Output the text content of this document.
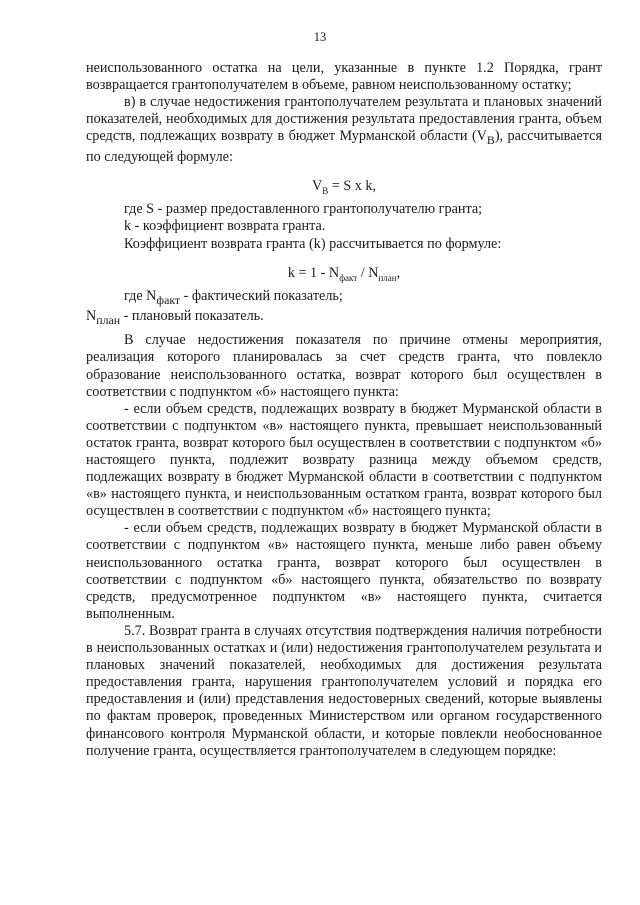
13

неиспользованного остатка на цели, указанные в пункте 1.2 Порядка, грант возвращается грантополучателем в объеме, равном неиспользованному остатку;

в) в случае недостижения грантополучателем результата и плановых значений показателей, необходимых для достижения результата предоставления гранта, объем средств, подлежащих возврату в бюджет Мурманской области $(V_В)$, рассчитывается по следующей формуле:

$V_В = S$ x k,

где S - размер предоставленного грантополучателю гранта;

k - коэффициент возврата гранта.

Коэффициент возврата гранта (k) рассчитывается по формуле:

$k = 1 - N_{факт} / N_{план}$,

где $N_{факт}$ - фактический показатель;

$N_{план}$ - плановый показатель.

В случае недостижения показателя по причине отмены мероприятия, реализация которого планировалась за счет средств гранта, что повлекло образование неиспользованного остатка, возврат которого был осуществлен в соответствии с подпунктом «б» настоящего пункта:

- если объем средств, подлежащих возврату в бюджет Мурманской области в соответствии с подпунктом «в» настоящего пункта, превышает неиспользованный остаток гранта, возврат которого был осуществлен в соответствии с подпунктом «б» настоящего пункта, подлежит возврату разница между объемом средств, подлежащих возврату в бюджет Мурманской области в соответствии с подпунктом «в» настоящего пункта, и неиспользованным остатком гранта, возврат которого был осуществлен в соответствии с подпунктом «б» настоящего пункта;

- если объем средств, подлежащих возврату в бюджет Мурманской области в соответствии с подпунктом «в» настоящего пункта, меньше либо равен объему неиспользованного остатка гранта, возврат которого был осуществлен в соответствии с подпунктом «б» настоящего пункта, обязательство по возврату средств, предусмотренное подпунктом «в» настоящего пункта, считается выполненным.

5.7. Возврат гранта в случаях отсутствия подтверждения наличия потребности в неиспользованных остатках и (или) недостижения грантополучателем результата и плановых значений показателей, необходимых для достижения результата предоставления гранта, нарушения грантополучателем условий и порядка его предоставления и (или) представления недостоверных сведений, которые выявлены по фактам проверок, проведенных Министерством или органом государственного финансового контроля Мурманской области, и которые повлекли необоснованное получение гранта, осуществляется грантополучателем в следующем порядке:
